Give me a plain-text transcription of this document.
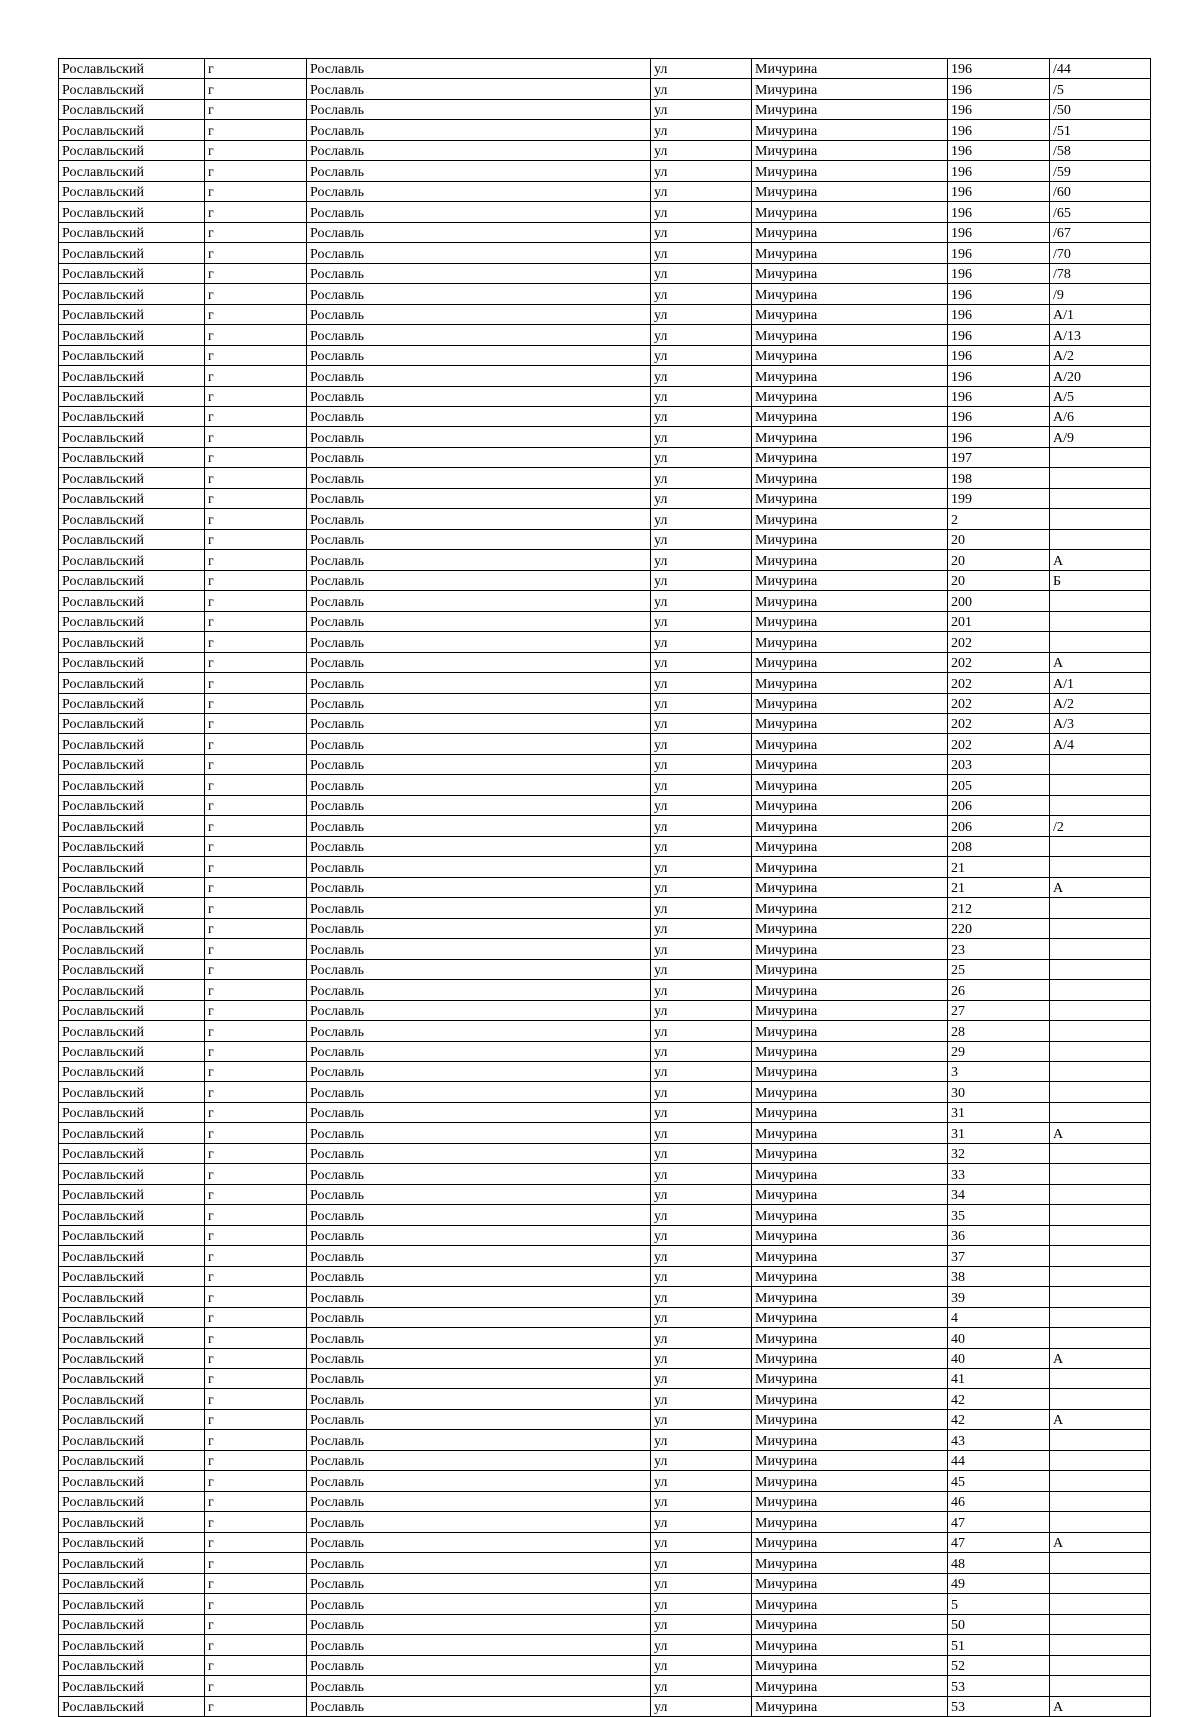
Рославльский	г	Рославль	ул	Мичурина	196	/44
Рославльский	г	Рославль	ул	Мичурина	196	/5
Рославльский	г	Рославль	ул	Мичурина	196	/50
Рославльский	г	Рославль	ул	Мичурина	196	/51
Рославльский	г	Рославль	ул	Мичурина	196	/58
Рославльский	г	Рославль	ул	Мичурина	196	/59
Рославльский	г	Рославль	ул	Мичурина	196	/60
Рославльский	г	Рославль	ул	Мичурина	196	/65
Рославльский	г	Рославль	ул	Мичурина	196	/67
Рославльский	г	Рославль	ул	Мичурина	196	/70
Рославльский	г	Рославль	ул	Мичурина	196	/78
Рославльский	г	Рославль	ул	Мичурина	196	/9
Рославльский	г	Рославль	ул	Мичурина	196	А/1
Рославльский	г	Рославль	ул	Мичурина	196	А/13
Рославльский	г	Рославль	ул	Мичурина	196	А/2
Рославльский	г	Рославль	ул	Мичурина	196	А/20
Рославльский	г	Рославль	ул	Мичурина	196	А/5
Рославльский	г	Рославль	ул	Мичурина	196	А/6
Рославльский	г	Рославль	ул	Мичурина	196	А/9
Рославльский	г	Рославль	ул	Мичурина	197	
Рославльский	г	Рославль	ул	Мичурина	198	
Рославльский	г	Рославль	ул	Мичурина	199	
Рославльский	г	Рославль	ул	Мичурина	2	
Рославльский	г	Рославль	ул	Мичурина	20	
Рославльский	г	Рославль	ул	Мичурина	20	А
Рославльский	г	Рославль	ул	Мичурина	20	Б
Рославльский	г	Рославль	ул	Мичурина	200	
Рославльский	г	Рославль	ул	Мичурина	201	
Рославльский	г	Рославль	ул	Мичурина	202	
Рославльский	г	Рославль	ул	Мичурина	202	А
Рославльский	г	Рославль	ул	Мичурина	202	А/1
Рославльский	г	Рославль	ул	Мичурина	202	А/2
Рославльский	г	Рославль	ул	Мичурина	202	А/3
Рославльский	г	Рославль	ул	Мичурина	202	А/4
Рославльский	г	Рославль	ул	Мичурина	203	
Рославльский	г	Рославль	ул	Мичурина	205	
Рославльский	г	Рославль	ул	Мичурина	206	
Рославльский	г	Рославль	ул	Мичурина	206	/2
Рославльский	г	Рославль	ул	Мичурина	208	
Рославльский	г	Рославль	ул	Мичурина	21	
Рославльский	г	Рославль	ул	Мичурина	21	А
Рославльский	г	Рославль	ул	Мичурина	212	
Рославльский	г	Рославль	ул	Мичурина	220	
Рославльский	г	Рославль	ул	Мичурина	23	
Рославльский	г	Рославль	ул	Мичурина	25	
Рославльский	г	Рославль	ул	Мичурина	26	
Рославльский	г	Рославль	ул	Мичурина	27	
Рославльский	г	Рославль	ул	Мичурина	28	
Рославльский	г	Рославль	ул	Мичурина	29	
Рославльский	г	Рославль	ул	Мичурина	3	
Рославльский	г	Рославль	ул	Мичурина	30	
Рославльский	г	Рославль	ул	Мичурина	31	
Рославльский	г	Рославль	ул	Мичурина	31	А
Рославльский	г	Рославль	ул	Мичурина	32	
Рославльский	г	Рославль	ул	Мичурина	33	
Рославльский	г	Рославль	ул	Мичурина	34	
Рославльский	г	Рославль	ул	Мичурина	35	
Рославльский	г	Рославль	ул	Мичурина	36	
Рославльский	г	Рославль	ул	Мичурина	37	
Рославльский	г	Рославль	ул	Мичурина	38	
Рославльский	г	Рославль	ул	Мичурина	39	
Рославльский	г	Рославль	ул	Мичурина	4	
Рославльский	г	Рославль	ул	Мичурина	40	
Рославльский	г	Рославль	ул	Мичурина	40	А
Рославльский	г	Рославль	ул	Мичурина	41	
Рославльский	г	Рославль	ул	Мичурина	42	
Рославльский	г	Рославль	ул	Мичурина	42	А
Рославльский	г	Рославль	ул	Мичурина	43	
Рославльский	г	Рославль	ул	Мичурина	44	
Рославльский	г	Рославль	ул	Мичурина	45	
Рославльский	г	Рославль	ул	Мичурина	46	
Рославльский	г	Рославль	ул	Мичурина	47	
Рославльский	г	Рославль	ул	Мичурина	47	А
Рославльский	г	Рославль	ул	Мичурина	48	
Рославльский	г	Рославль	ул	Мичурина	49	
Рославльский	г	Рославль	ул	Мичурина	5	
Рославльский	г	Рославль	ул	Мичурина	50	
Рославльский	г	Рославль	ул	Мичурина	51	
Рославльский	г	Рославль	ул	Мичурина	52	
Рославльский	г	Рославль	ул	Мичурина	53	
Рославльский	г	Рославль	ул	Мичурина	53	А
